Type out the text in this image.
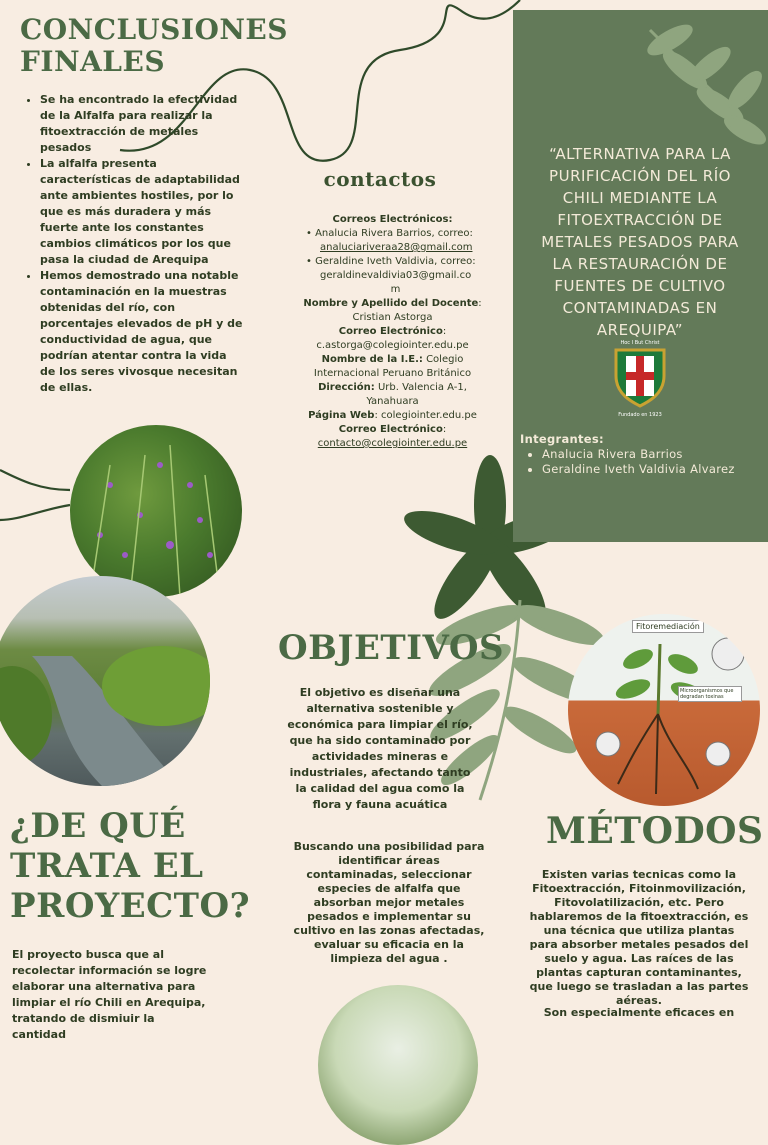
“ALTERNATIVA PARA LA
PURIFICACIÓN DEL RÍO
CHILI MEDIANTE LA
FITOEXTRACCIÓN DE
METALES PESADOS PARA
LA RESTAURACIÓN DE
FUENTES DE CULTIVO
CONTAMINADAS EN
AREQUIPA”
Hoc I But Christ
Fundado en 1923
Integrantes:
• Analucia Rivera Barrios
• Geraldine Iveth Valdivia Alvarez
CONCLUSIONES
FINALES
• Se ha encontrado la efectividad de la Alfalfa para realizar la fitoextracción de metales pesados
• La alfalfa presenta características de adaptabilidad ante ambientes hostiles, por lo que es más duradera y más fuerte ante los constantes cambios climáticos por los que pasa la ciudad de Arequipa
• Hemos demostrado una notable contaminación en la muestras obtenidas del río, con porcentajes elevados de pH y de conductividad de agua, que podrían atentar contra la vida de los seres vivosque necesitan de ellas.
contactos
Correos Electrónicos:
• Analucia Rivera Barrios, correo:
analuciariveraa28@gmail.com
• Geraldine Iveth Valdivia, correo:
geraldinevaldivia03@gmail.co
m
Nombre y Apellido del Docente:
Cristian Astorga
Correo Electrónico:
c.astorga@colegiointer.edu.pe
Nombre de la I.E.: Colegio
Internacional Peruano Británico
Dirección: Urb. Valencia A-1,
Yanahuara
Página Web: colegiointer.edu.pe
Correo Electrónico:
contacto@colegiointer.edu.pe
OBJETIVOS
El objetivo es diseñar una alternativa sostenible y económica para limpiar el río, que ha sido contaminado por actividades mineras e industriales, afectando tanto la calidad del agua como la flora y fauna acuática
Buscando una posibilidad para identificar áreas contaminadas, seleccionar especies de alfalfa que absorban mejor metales pesados e implementar su cultivo en las zonas afectadas, evaluar su eficacia en la limpieza del agua .
¿DE QUÉ
TRATA EL
PROYECTO?
El proyecto busca que al recolectar información se logre elaborar una alternativa para limpiar el río Chili en Arequipa, tratando de dismiuir la cantidad
Fitoremediación
Microorganismos que degradan toxinas
MÉTODOS
Existen varias tecnicas como la Fitoextracción, Fitoinmovilización, Fitovolatilización, etc. Pero hablaremos de la fitoextracción, es una técnica que utiliza plantas para absorber metales pesados del suelo y agua. Las raíces de las plantas capturan contaminantes, que luego se trasladan a las partes aéreas.
Son especialmente eficaces en
